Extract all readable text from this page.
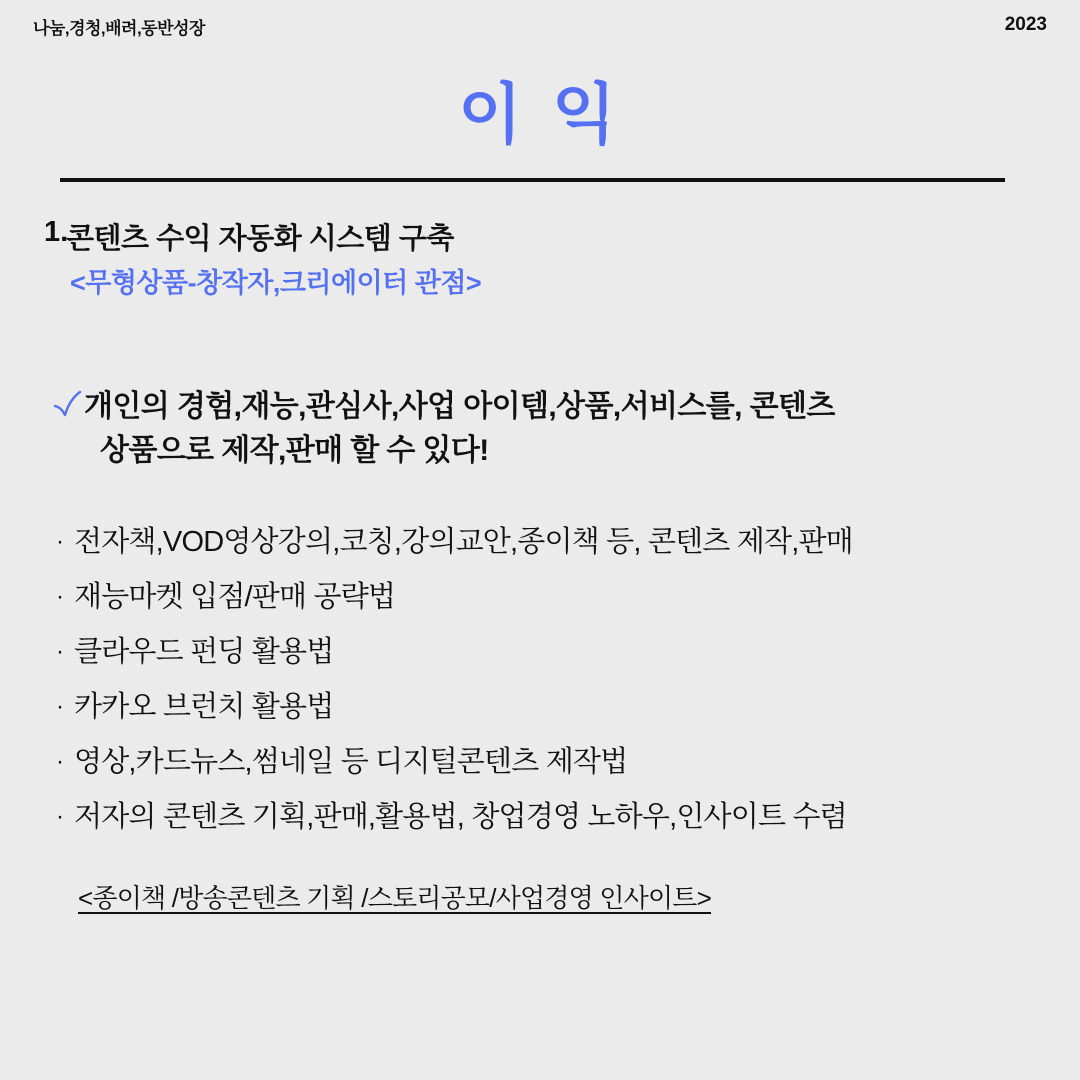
나눔,경청,배려,동반성장	2023
이 익
1.
콘텐츠 수익 자동화 시스템 구축
<무형상품-창작자,크리에이터 관점>
개인의 경험,재능,관심사,사업 아이템,상품,서비스를, 콘텐츠
상품으로 제작,판매 할 수 있다!
· 전자책,VOD영상강의,코칭,강의교안,종이책 등, 콘텐츠 제작,판매
· 재능마켓 입점/판매 공략법
· 클라우드 펀딩 활용법
· 카카오 브런치 활용법
· 영상,카드뉴스,썸네일 등 디지털콘텐츠 제작법
· 저자의 콘텐츠 기획,판매,활용법, 창업경영 노하우,인사이트 수렴
<종이책 /방송콘텐츠 기획 /스토리공모/사업경영 인사이트>
